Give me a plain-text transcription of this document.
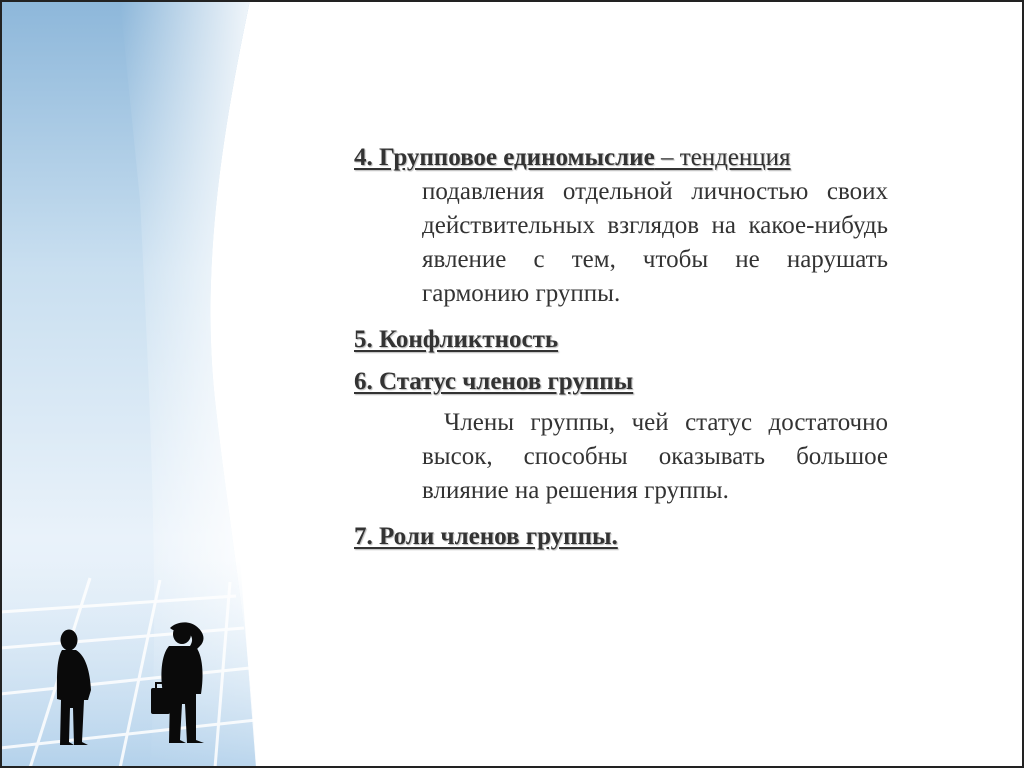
4. Групповое единомыслие – тенденция
подавления отдельной личностью своих действительных взглядов на какое-нибудь явление с тем, чтобы не нарушать гармонию группы.
5. Конфликтность
6. Статус членов группы
Члены группы, чей статус достаточно высок, способны оказывать большое влияние на решения группы.
7. Роли членов группы.
